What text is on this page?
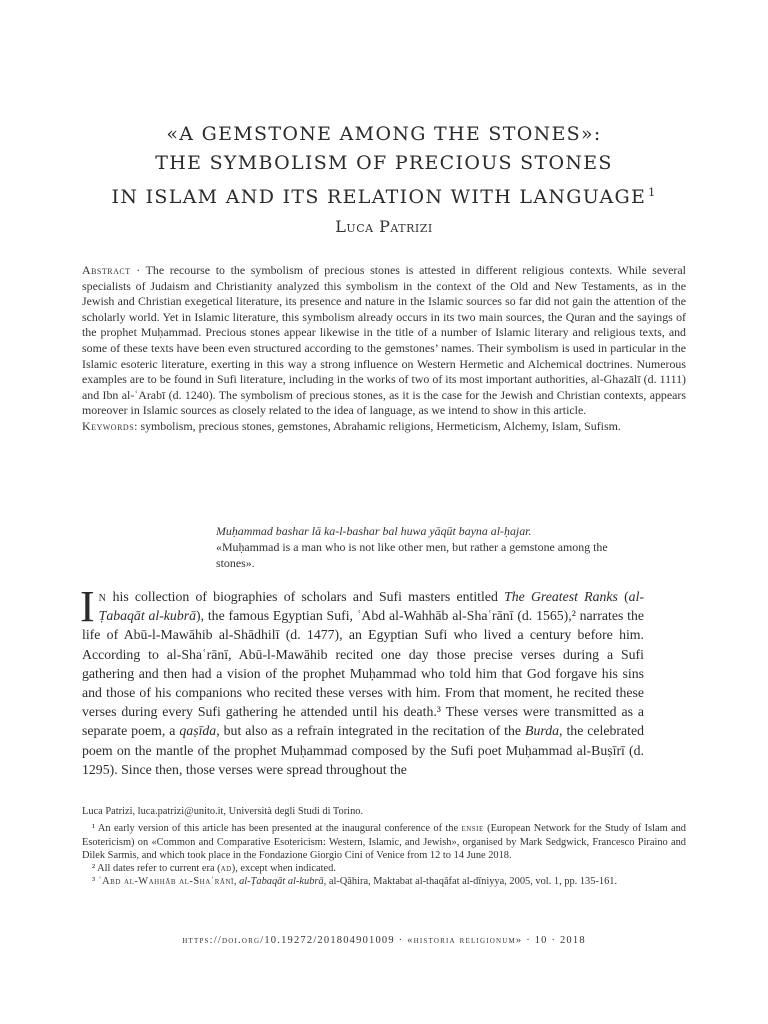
«A GEMSTONE AMONG THE STONES»:
THE SYMBOLISM OF PRECIOUS STONES
IN ISLAM AND ITS RELATION WITH LANGUAGE $^1$
Luca Patrizi

Abstract · The recourse to the symbolism of precious stones is attested in different religious contexts. While several specialists of Judaism and Christianity analyzed this symbolism in the context of the Old and New Testaments, as in the Jewish and Christian exegetical literature, its presence and nature in the Islamic sources so far did not gain the attention of the scholarly world. Yet in Islamic literature, this symbolism already occurs in its two main sources, the Quran and the sayings of the prophet Muḥammad. Precious stones appear likewise in the title of a number of Islamic literary and religious texts, and some of these texts have been even structured according to the gemstones’ names. Their symbolism is used in particular in the Islamic esoteric literature, exerting in this way a strong influence on Western Hermetic and Alchemical doctrines. Numerous examples are to be found in Sufi literature, including in the works of two of its most important authorities, al-Ghazālī (d. 1111) and Ibn al-ʿArabī (d. 1240). The symbolism of precious stones, as it is the case for the Jewish and Christian contexts, appears moreover in Islamic sources as closely related to the idea of language, as we intend to show in this article.

Keywords: symbolism, precious stones, gemstones, Abrahamic religions, Hermeticism, Alchemy, Islam, Sufism.

Muḥammad bashar lā ka-l-bashar bal huwa yāqūt bayna al-ḥajar.
«Muḥammad is a man who is not like other men, but rather a gemstone among the stones».

In his collection of biographies of scholars and Sufi masters entitled The Greatest Ranks (al-Ṭabaqāt al-kubrā), the famous Egyptian Sufi, ʿAbd al-Wahhāb al-Shaʿrānī (d. 1565),² narrates the life of Abū-l-Mawāhib al-Shādhilī (d. 1477), an Egyptian Sufi who lived a century before him. According to al-Shaʿrānī, Abū-l-Mawāhib recited one day those precise verses during a Sufi gathering and then had a vision of the prophet Muḥammad who told him that God forgave his sins and those of his companions who recited these verses with him. From that moment, he recited these verses during every Sufi gathering he attended until his death.³ These verses were transmitted as a separate poem, a qaṣīda, but also as a refrain integrated in the recitation of the Burda, the celebrated poem on the mantle of the prophet Muḥammad composed by the Sufi poet Muḥammad al-Buṣīrī (d. 1295). Since then, those verses were spread throughout the

Luca Patrizi, luca.patrizi@unito.it, Università degli Studi di Torino.

¹ An early version of this article has been presented at the inaugural conference of the ensie (European Network for the Study of Islam and Esotericism) on «Common and Comparative Esotericism: Western, Islamic, and Jewish», organised by Mark Sedgwick, Francesco Piraino and Dilek Sarmis, and which took place in the Fondazione Giorgio Cini of Venice from 12 to 14 June 2018.

² All dates refer to current era (ad), except when indicated.

³ ʿAbd al-Wahhāb al-Shaʿrānī, al-Ṭabaqāt al-kubrā, al-Qāhira, Maktabat al-thaqāfat al-dīniyya, 2005, vol. 1, pp. 135-161.

https://doi.org/10.19272/201804901009 · «historia religionum» · 10 · 2018
